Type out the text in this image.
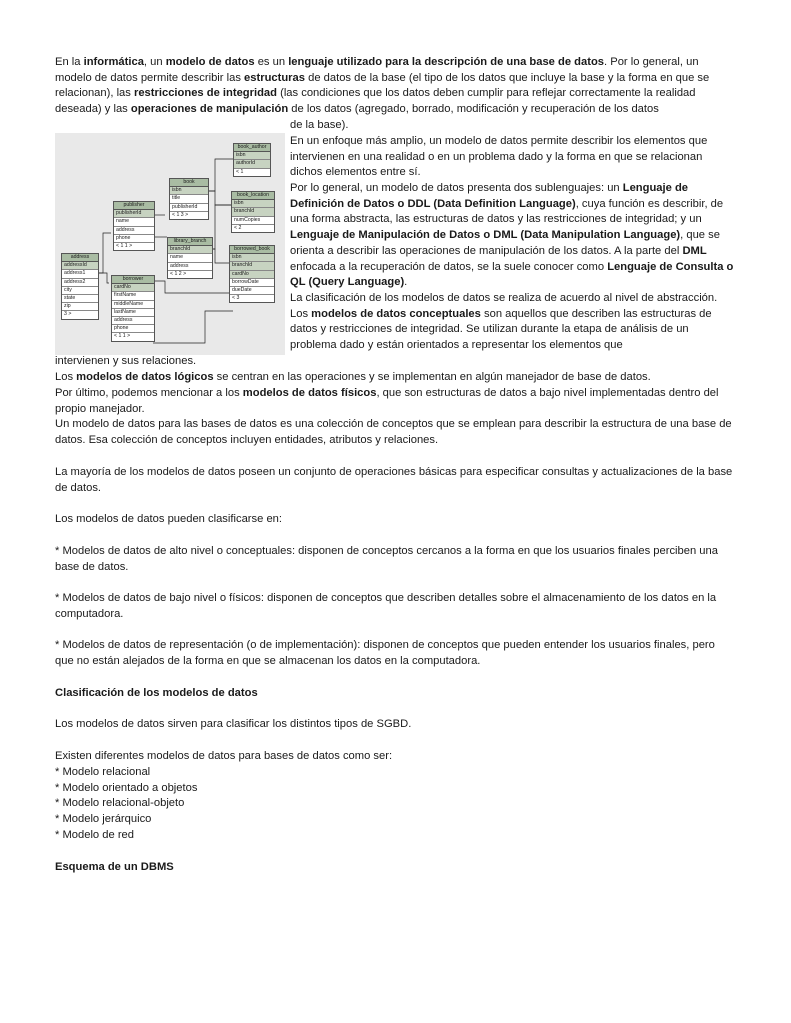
En la informática, un modelo de datos es un lenguaje utilizado para la descripción de una base de datos. Por lo general, un modelo de datos permite describir las estructuras de datos de la base (el tipo de los datos que incluye la base y la forma en que se relacionan), las restricciones de integridad (las condiciones que los datos deben cumplir para reflejar correctamente la realidad deseada) y las operaciones de manipulación de los datos (agregado, borrado, modificación y recuperación de los datos

book_author
isbn
authorId
< 1
book
isbn
title
publisherId
< 1 3 >
book_location
isbn
branchId
numCopies
< 2
publisher
publisherId
name
address
phone
< 1 1 >
library_branch
branchId
name
address
< 1 2 >
borrowed_book
isbn
branchId
cardNo
borrowDate
dueDate
< 3
address
addressId
address1
address2
city
state
zip
3 >
borrower
cardNo
firstName
middleName
lastName
address
phone
< 1 1 >

de la base).

En un enfoque más amplio, un modelo de datos permite describir los elementos que intervienen en una realidad o en un problema dado y la forma en que se relacionan dichos elementos entre sí.

Por lo general, un modelo de datos presenta dos sublenguajes: un Lenguaje de Definición de Datos o DDL (Data Definition Language), cuya función es describir, de una forma abstracta, las estructuras de datos y las restricciones de integridad; y un Lenguaje de Manipulación de Datos o DML (Data Manipulation Language), que se orienta a describir las operaciones de manipulación de los datos. A la parte del DML enfocada a la recuperación de datos, se la suele conocer como Lenguaje de Consulta o QL (Query Language).

La clasificación de los modelos de datos se realiza de acuerdo al nivel de abstracción. Los modelos de datos conceptuales son aquellos que describen las estructuras de datos y restricciones de integridad. Se utilizan durante la etapa de análisis de un problema dado y están orientados a representar los elementos que

intervienen y sus relaciones.

Los modelos de datos lógicos se centran en las operaciones y se implementan en algún manejador de base de datos.

Por último, podemos mencionar a los modelos de datos físicos, que son estructuras de datos a bajo nivel implementadas dentro del propio manejador.

Un modelo de datos para las bases de datos es una colección de conceptos que se emplean para describir la estructura de una base de datos. Esa colección de conceptos incluyen entidades, atributos y relaciones.

La mayoría de los modelos de datos poseen un conjunto de operaciones básicas para especificar consultas y actualizaciones de la base de datos.

Los modelos de datos pueden clasificarse en:

* Modelos de datos de alto nivel o conceptuales: disponen de conceptos cercanos a la forma en que los usuarios finales perciben una base de datos.

* Modelos de datos de bajo nivel o físicos: disponen de conceptos que describen detalles sobre el almacenamiento de los datos en la computadora.

* Modelos de datos de representación (o de implementación): disponen de conceptos que pueden entender los usuarios finales, pero que no están alejados de la forma en que se almacenan los datos en la computadora.

Clasificación de los modelos de datos

Los modelos de datos sirven para clasificar los distintos tipos de SGBD.

Existen diferentes modelos de datos para bases de datos como ser:

* Modelo relacional
* Modelo orientado a objetos
* Modelo relacional-objeto
* Modelo jerárquico
* Modelo de red

Esquema de un DBMS
